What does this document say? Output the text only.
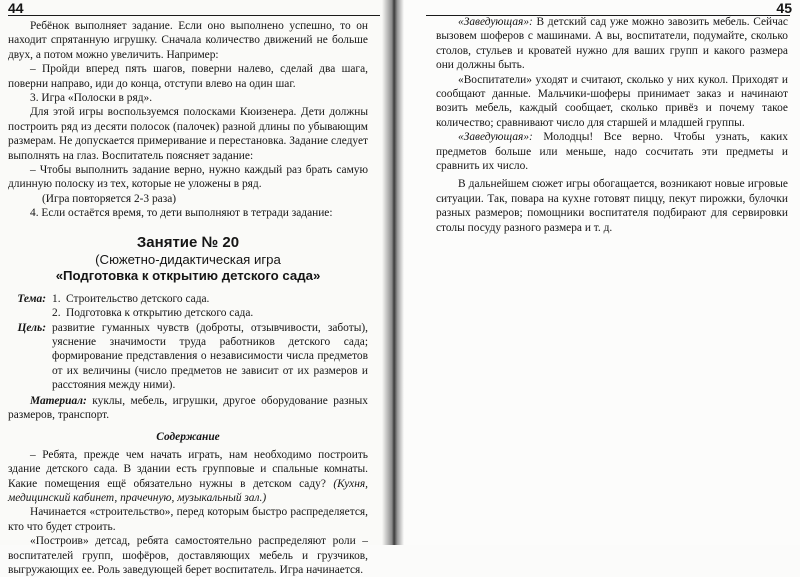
44

Ребёнок выполняет задание. Если оно выполнено успешно, то он находит спрятанную игрушку. Сначала количество движений не больше двух, а потом можно увеличить. Например:

– Пройди вперед пять шагов, поверни налево, сделай два шага, поверни направо, иди до конца, отступи влево на один шаг.

3. Игра «Полоски в ряд».

Для этой игры воспользуемся полосками Кюизенера. Дети должны построить ряд из десяти полосок (палочек) разной длины по убывающим размерам. Не допускается примеривание и перестановка. Задание следует выполнять на глаз. Воспитатель поясняет задание:

– Чтобы выполнить задание верно, нужно каждый раз брать самую длинную полоску из тех, которые не уложены в ряд.

(Игра повторяется 2-3 раза)

4. Если остаётся время, то дети выполняют в тетради задание:

Занятие № 20
(Сюжетно-дидактическая игра
«Подготовка к открытию детского сада»
Тема: 1. Строительство детского сада.
2. Подготовка к открытию детского сада.
Цель: развитие гуманных чувств (доброты, отзывчивости, заботы), уяснение значимости труда работников детского сада; формирование представления о независимости числа предметов от их величины (число предметов не зависит от их размеров и расстояния между ними).

Материал: куклы, мебель, игрушки, другое оборудование разных размеров, транспорт.

Содержание

– Ребята, прежде чем начать играть, нам необходимо построить здание детского сада. В здании есть групповые и спальные комнаты. Какие помещения ещё обязательно нужны в детском саду? (Кухня, медицинский кабинет, прачечную, музыкальный зал.)

Начинается «строительство», перед которым быстро распределяется, кто что будет строить.

«Построив» детсад, ребята самостоятельно распределяют роли – воспитателей групп, шофёров, доставляющих мебель и грузчиков, выгружающих ее. Роль заведующей берет воспитатель. Игра начинается.

45

«Заведующая»: В детский сад уже можно завозить мебель. Сейчас вызовем шоферов с машинами. А вы, воспитатели, подумайте, сколько столов, стульев и кроватей нужно для ваших групп и какого размера они должны быть.

«Воспитатели» уходят и считают, сколько у них кукол. Приходят и сообщают данные. Мальчики-шоферы принимает заказ и начинают возить мебель, каждый сообщает, сколько привёз и почему такое количество; сравнивают число для старшей и младшей группы.

«Заведующая»: Молодцы! Все верно. Чтобы узнать, каких предметов больше или меньше, надо сосчитать эти предметы и сравнить их число.

В дальнейшем сюжет игры обогащается, возникают новые игровые ситуации. Так, повара на кухне готовят пиццу, пекут пирожки, булочки разных размеров; помощники воспитателя подбирают для сервировки столы посуду разного размера и т. д.
